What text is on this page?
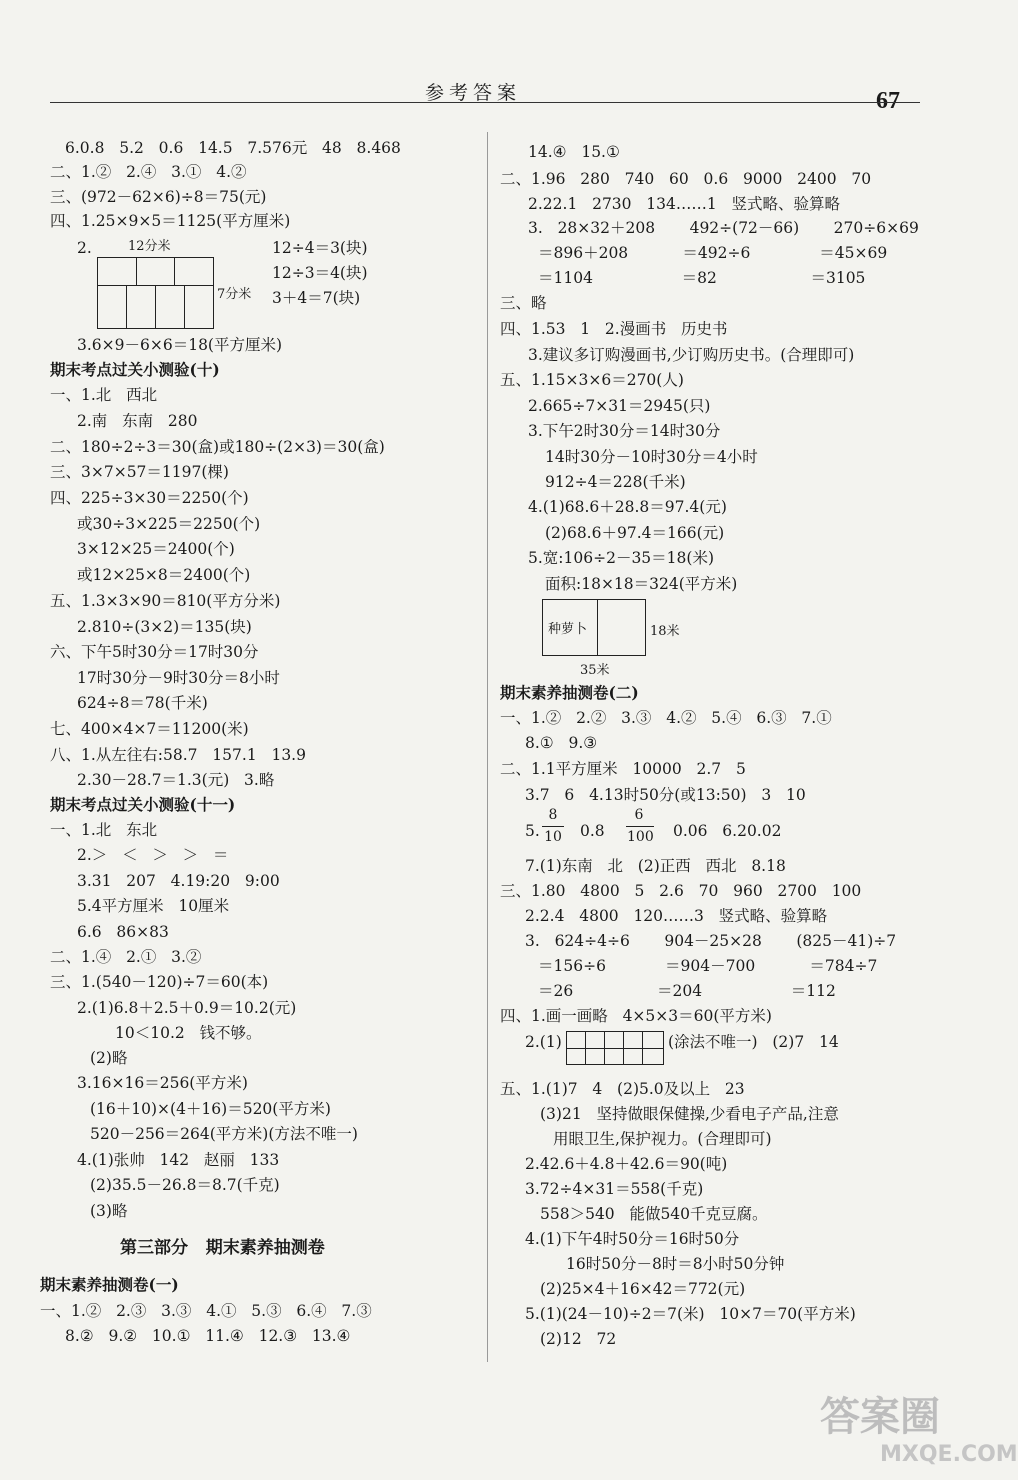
参考答案	67
6.0.8   5.2   0.6   14.5   7.576元   48   8.468
二、1.②   2.④   3.①   4.②
三、(972－62×6)÷8＝75(元)
四、1.25×9×5＝1125(平方厘米)
2.	12分米
7分米
12÷4＝3(块)
12÷3＝4(块)
3＋4＝7(块)
3.6×9－6×6＝18(平方厘米)
期末考点过关小测验(十)
一、1.北   西北
2.南   东南   280
二、180÷2÷3＝30(盒)或180÷(2×3)＝30(盒)
三、3×7×57＝1197(棵)
四、225÷3×30＝2250(个)
或30÷3×225＝2250(个)
3×12×25＝2400(个)
或12×25×8＝2400(个)
五、1.3×3×90＝810(平方分米)
2.810÷(3×2)＝135(块)
六、下午5时30分＝17时30分
17时30分－9时30分＝8小时
624÷8＝78(千米)
七、400×4×7＝11200(米)
八、1.从左往右:58.7   157.1   13.9
2.30－28.7＝1.3(元)   3.略
期末考点过关小测验(十一)
一、1.北   东北
2.＞   ＜   ＞   ＞   ＝
3.31   207   4.19:20   9:00
5.4平方厘米   10厘米
6.6   86×83
二、1.④   2.①   3.②
三、1.(540－120)÷7＝60(本)
2.(1)6.8＋2.5＋0.9＝10.2(元)
10＜10.2   钱不够。
(2)略
3.16×16＝256(平方米)
(16＋10)×(4＋16)＝520(平方米)
520－256＝264(平方米)(方法不唯一)
4.(1)张帅   142   赵丽   133
(2)35.5－26.8＝8.7(千克)
(3)略
第三部分   期末素养抽测卷
期末素养抽测卷(一)
一、1.②   2.③   3.③   4.①   5.③   6.④   7.③
8.②   9.②   10.①   11.④   12.③   13.④
14.④   15.①
二、1.96   280   740   60   0.6   9000   2400   70
2.22.1   2730   134……1   竖式略、验算略
3.   28×32＋208       492÷(72－66)       270÷6×69
＝896＋208           ＝492÷6              ＝45×69
＝1104                  ＝82                   ＝3105
三、略
四、1.53   1   2.漫画书   历史书
3.建议多订购漫画书,少订购历史书。(合理即可)
五、1.15×3×6＝270(人)
2.665÷7×31＝2945(只)
3.下午2时30分＝14时30分
14时30分－10时30分＝4小时
912÷4＝228(千米)
4.(1)68.6＋28.8＝97.4(元)
(2)68.6＋97.4＝166(元)
5.宽:106÷2－35＝18(米)
面积:18×18＝324(平方米)
种萝卜	18米
35米
期末素养抽测卷(二)
一、1.②   2.②   3.③   4.②   5.④   6.③   7.①
8.①   9.③
二、1.1平方厘米   10000   2.7   5
3.7   6   4.13时50分(或13:50)   3   10
5.
8
10 0.8
6
100 0.06   6.20.02
7.(1)东南   北   (2)正西   西北   8.18
三、1.80   4800   5   2.6   70   960   2700   100
2.2.4   4800   120……3   竖式略、验算略
3.   624÷4÷6       904－25×28       (825－41)÷7
＝156÷6            ＝904－700           ＝784÷7
＝26                 ＝204                  ＝112
四、1.画一画略   4×5×3＝60(平方米)
2.(1)	(涂法不唯一)   (2)7   14
五、1.(1)7   4   (2)5.0及以上   23
(3)21   坚持做眼保健操,少看电子产品,注意
用眼卫生,保护视力。(合理即可)
2.42.6＋4.8＋42.6＝90(吨)
3.72÷4×31＝558(千克)
558＞540   能做540千克豆腐。
4.(1)下午4时50分＝16时50分
16时50分－8时＝8小时50分钟
(2)25×4＋16×42＝772(元)
5.(1)(24－10)÷2＝7(米)   10×7＝70(平方米)
(2)12   72
答案圈
MXQE.COM
